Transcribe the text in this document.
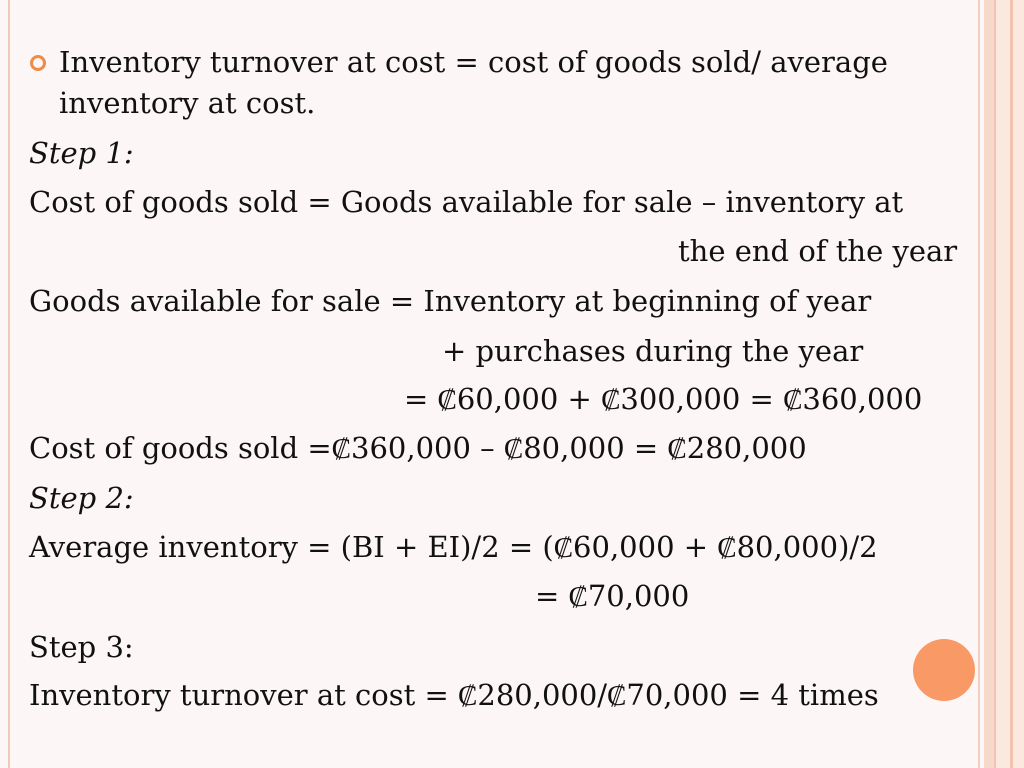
Inventory turnover at cost = cost of goods sold/ average

inventory at cost.

Step 1:

Cost of goods sold = Goods available for sale – inventory at

the end of the year

Goods available for sale = Inventory at beginning of year

+ purchases during the year

= ₡60,000 + ₡300,000 = ₡360,000

Cost of goods sold =₡360,000 – ₡80,000 = ₡280,000

Step 2:

Average inventory = (BI + EI)/2 = (₡60,000 + ₡80,000)/2

= ₡70,000

Step 3:

Inventory turnover at cost = ₡280,000/₡70,000 = 4 times
